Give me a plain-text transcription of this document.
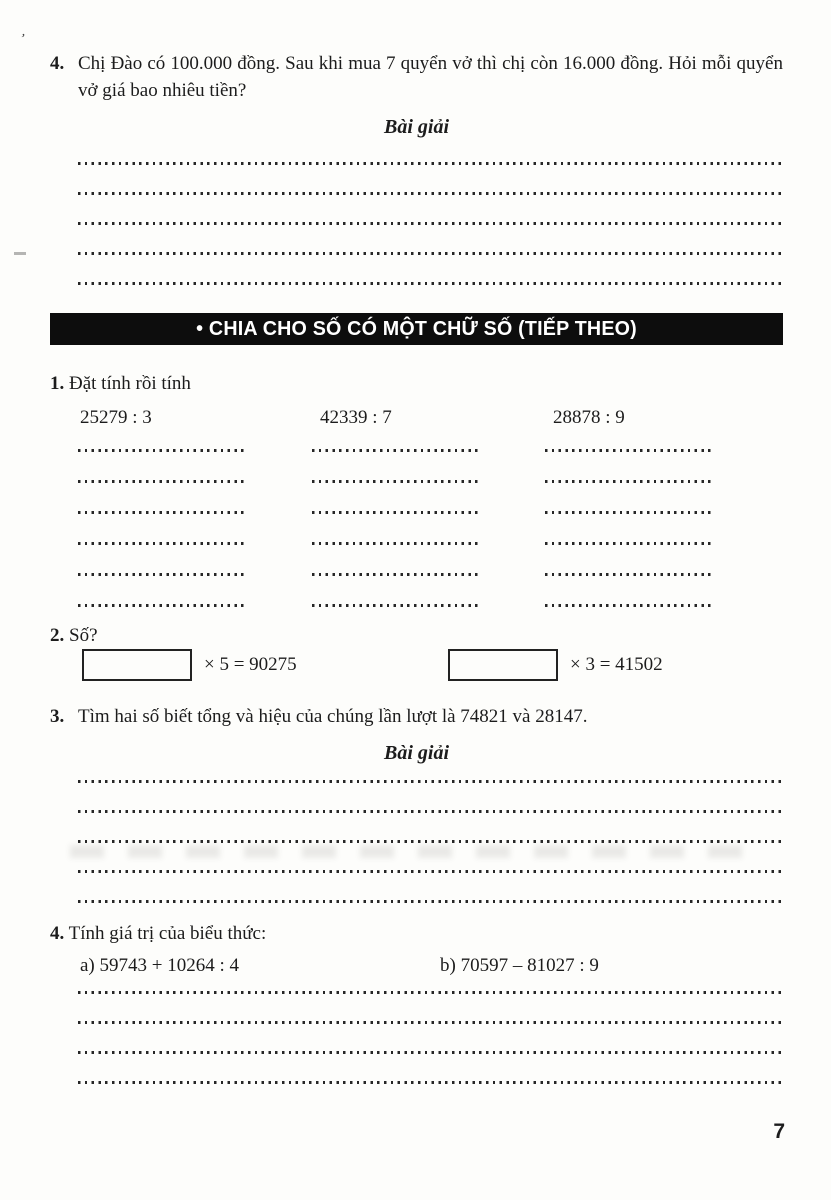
’
4. Chị Đào có 100.000 đồng. Sau khi mua 7 quyển vở thì chị còn 16.000 đồng. Hỏi mỗi quyển vở giá bao nhiêu tiền?
Bài giải
• CHIA CHO SỐ CÓ MỘT CHỮ SỐ (TIẾP THEO)
1. Đặt tính rồi tính
25279 : 3	42339 : 7	28878 : 9
2. Số?
× 5 = 90275	× 3 = 41502
3. Tìm hai số biết tổng và hiệu của chúng lần lượt là 74821 và 28147.
Bài giải
4. Tính giá trị của biểu thức:
a) 59743 + 10264 : 4	b) 70597 – 81027 : 9
7
